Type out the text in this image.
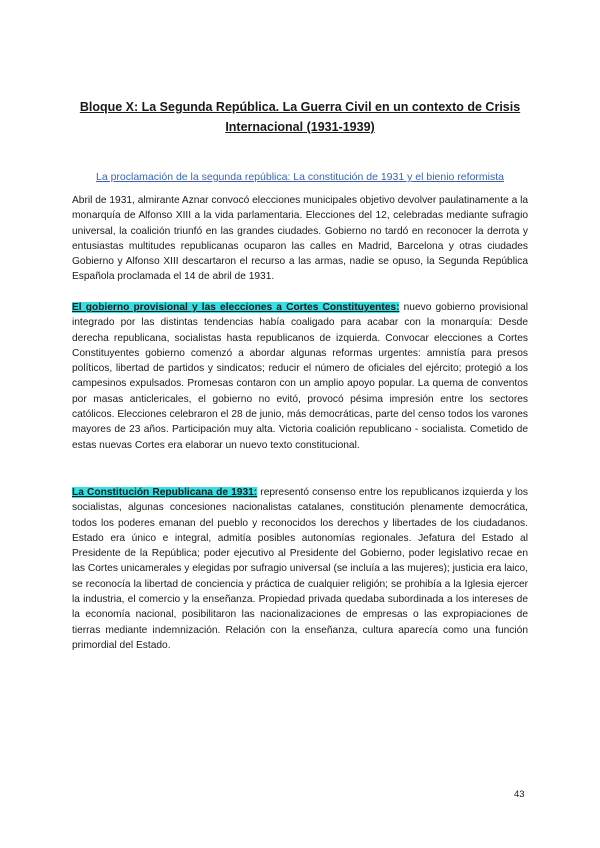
Bloque X: La Segunda República. La Guerra Civil en un contexto de Crisis Internacional (1931-1939)
La proclamación de la segunda república: La constitución de 1931 y el bienio reformista
Abril de 1931, almirante Aznar convocó elecciones municipales objetivo devolver paulatinamente a la monarquía de Alfonso XIII a la vida parlamentaria. Elecciones del 12, celebradas mediante sufragio universal, la coalición triunfó en las grandes ciudades. Gobierno no tardó en reconocer la derrota y entusiastas multitudes republicanas ocuparon las calles en Madrid, Barcelona y otras ciudades Gobierno y Alfonso XIII descartaron el recurso a las armas, nadie se opuso, la Segunda República Española proclamada el 14 de abril de 1931.
El gobierno provisional y las elecciones a Cortes Constituyentes: nuevo gobierno provisional integrado por las distintas tendencias había coaligado para acabar con la monarquía: Desde derecha republicana, socialistas hasta republicanos de izquierda. Convocar elecciones a Cortes Constituyentes gobierno comenzó a abordar algunas reformas urgentes: amnistía para presos políticos, libertad de partidos y sindicatos; reducir el número de oficiales del ejército; protegió a los campesinos expulsados. Promesas contaron con un amplio apoyo popular. La quema de conventos por masas anticlericales, el gobierno no evitó, provocó pésima impresión entre los sectores católicos. Elecciones celebraron el 28 de junio, más democráticas, parte del censo todos los varones mayores de 23 años. Participación muy alta. Victoria coalición republicano - socialista. Cometido de estas nuevas Cortes era elaborar un nuevo texto constitucional.
La Constitución Republicana de 1931: representó consenso entre los republicanos izquierda y los socialistas, algunas concesiones nacionalistas catalanes, constitución plenamente democrática, todos los poderes emanan del pueblo y reconocidos los derechos y libertades de los ciudadanos. Estado era único e integral, admitía posibles autonomías regionales. Jefatura del Estado al Presidente de la República; poder ejecutivo al Presidente del Gobierno, poder legislativo recae en las Cortes unicamerales y elegidas por sufragio universal (se incluía a las mujeres); justicia era laico, se reconocía la libertad de conciencia y práctica de cualquier religión; se prohibía a la Iglesia ejercer la industria, el comercio y la enseñanza. Propiedad privada quedaba subordinada a los intereses de la economía nacional, posibilitaron las nacionalizaciones de empresas o las expropiaciones de tierras mediante indemnización. Relación con la enseñanza, cultura aparecía como una función primordial del Estado.
43
